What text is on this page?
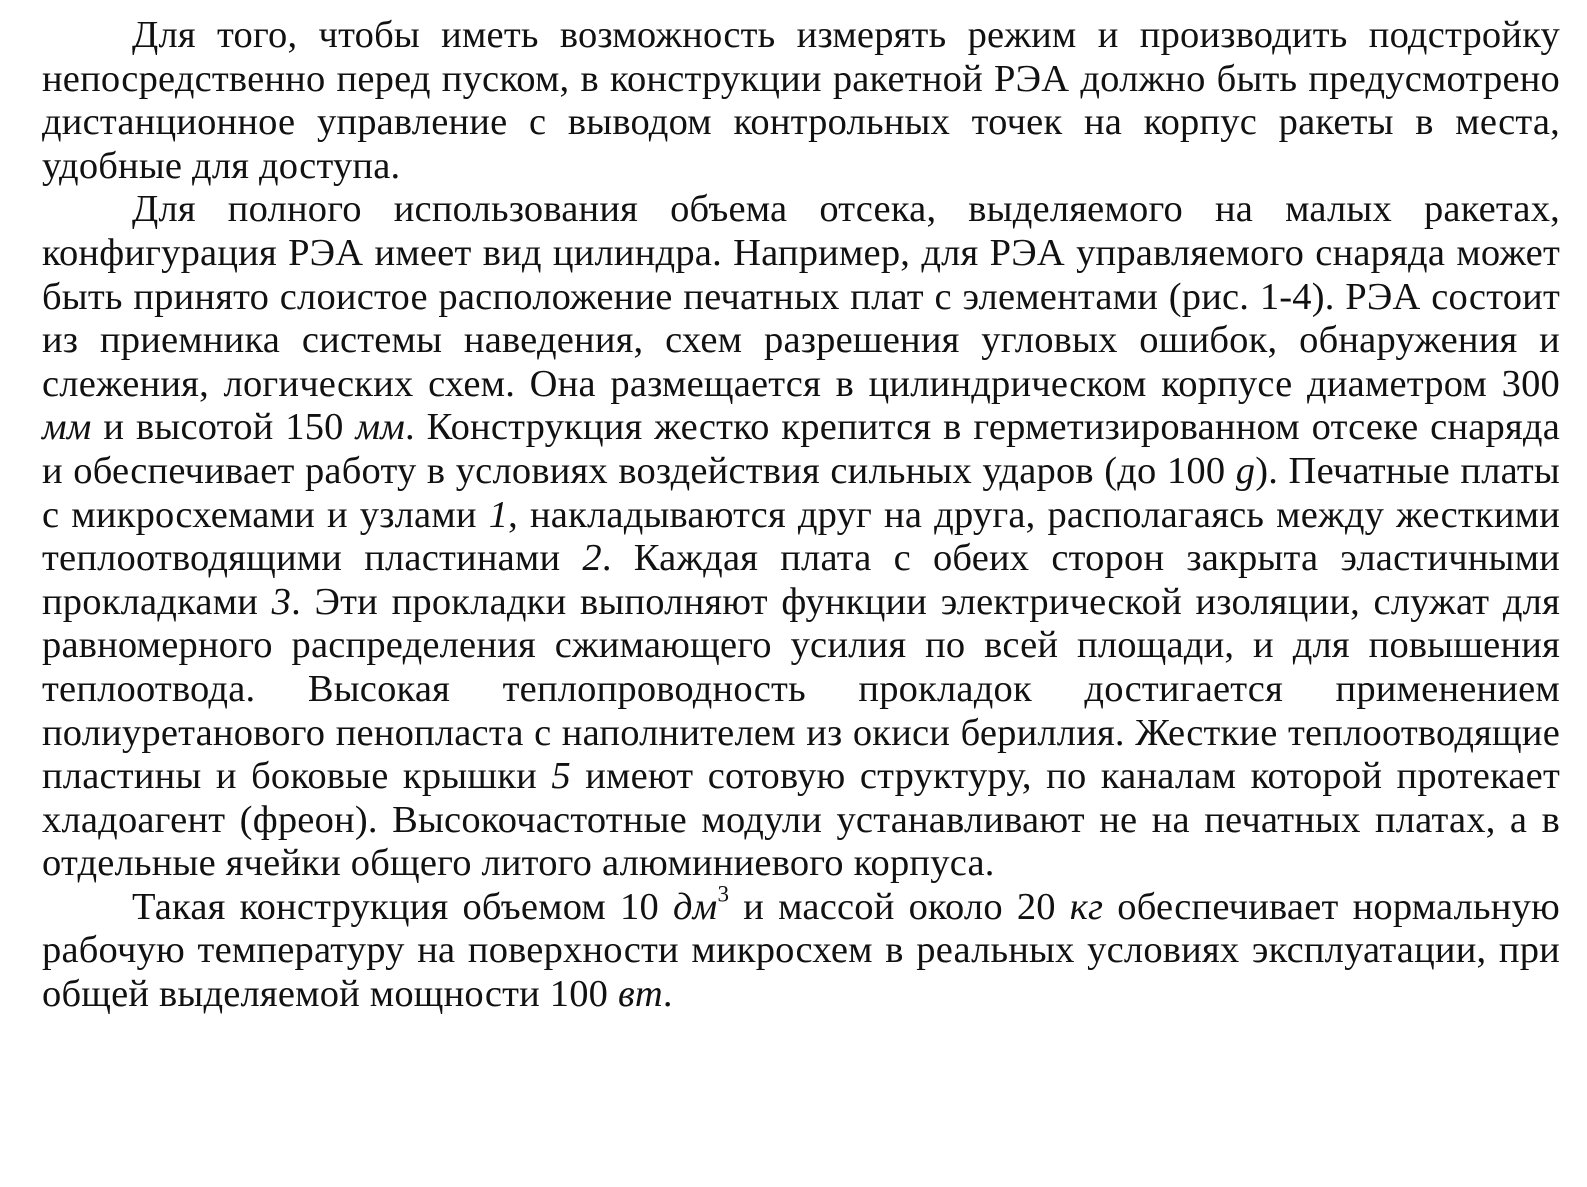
Для того, чтобы иметь возможность измерять режим и производить подстройку непосредственно перед пуском, в конструкции ракетной РЭА должно быть предусмотрено дистанционное управление с выводом контрольных точек на корпус ракеты в места, удобные для доступа.

Для полного использования объема отсека, выделяемого на малых ракетах, конфигурация РЭА имеет вид цилиндра. Например, для РЭА управляемого снаряда может быть принято слоистое расположение печатных плат с элементами (рис. 1-4). РЭА состоит из приемника системы наведения, схем разрешения угловых ошибок, обнаружения и слежения, логических схем. Она размещается в цилиндрическом корпусе диаметром 300 мм и высотой 150 мм. Конструкция жестко крепится в герметизированном отсеке снаряда и обеспечивает работу в условиях воздействия сильных ударов (до 100 g). Печатные платы с микросхемами и узлами 1, накладываются друг на друга, располагаясь между жесткими теплоотводящими пластинами 2. Каждая плата с обеих сторон закрыта эластичными прокладками 3. Эти прокладки выполняют функции электрической изоляции, служат для равномерного распределения сжимающего усилия по всей площади, и для повышения теплоотвода. Высокая теплопроводность прокладок достигается применением полиуретанового пенопласта с наполнителем из окиси бериллия. Жесткие теплоотводящие пластины и боковые крышки 5 имеют сотовую структуру, по каналам которой протекает хладоагент (фреон). Высокочастотные модули устанавливают не на печатных платах, а в отдельные ячейки общего литого алюминиевого корпуса.

Такая конструкция объемом 10 $дм^3$ и массой около 20 кг обеспечивает нормальную рабочую температуру на поверхности микросхем в реальных условиях эксплуатации, при общей выделяемой мощности 100 вт.
